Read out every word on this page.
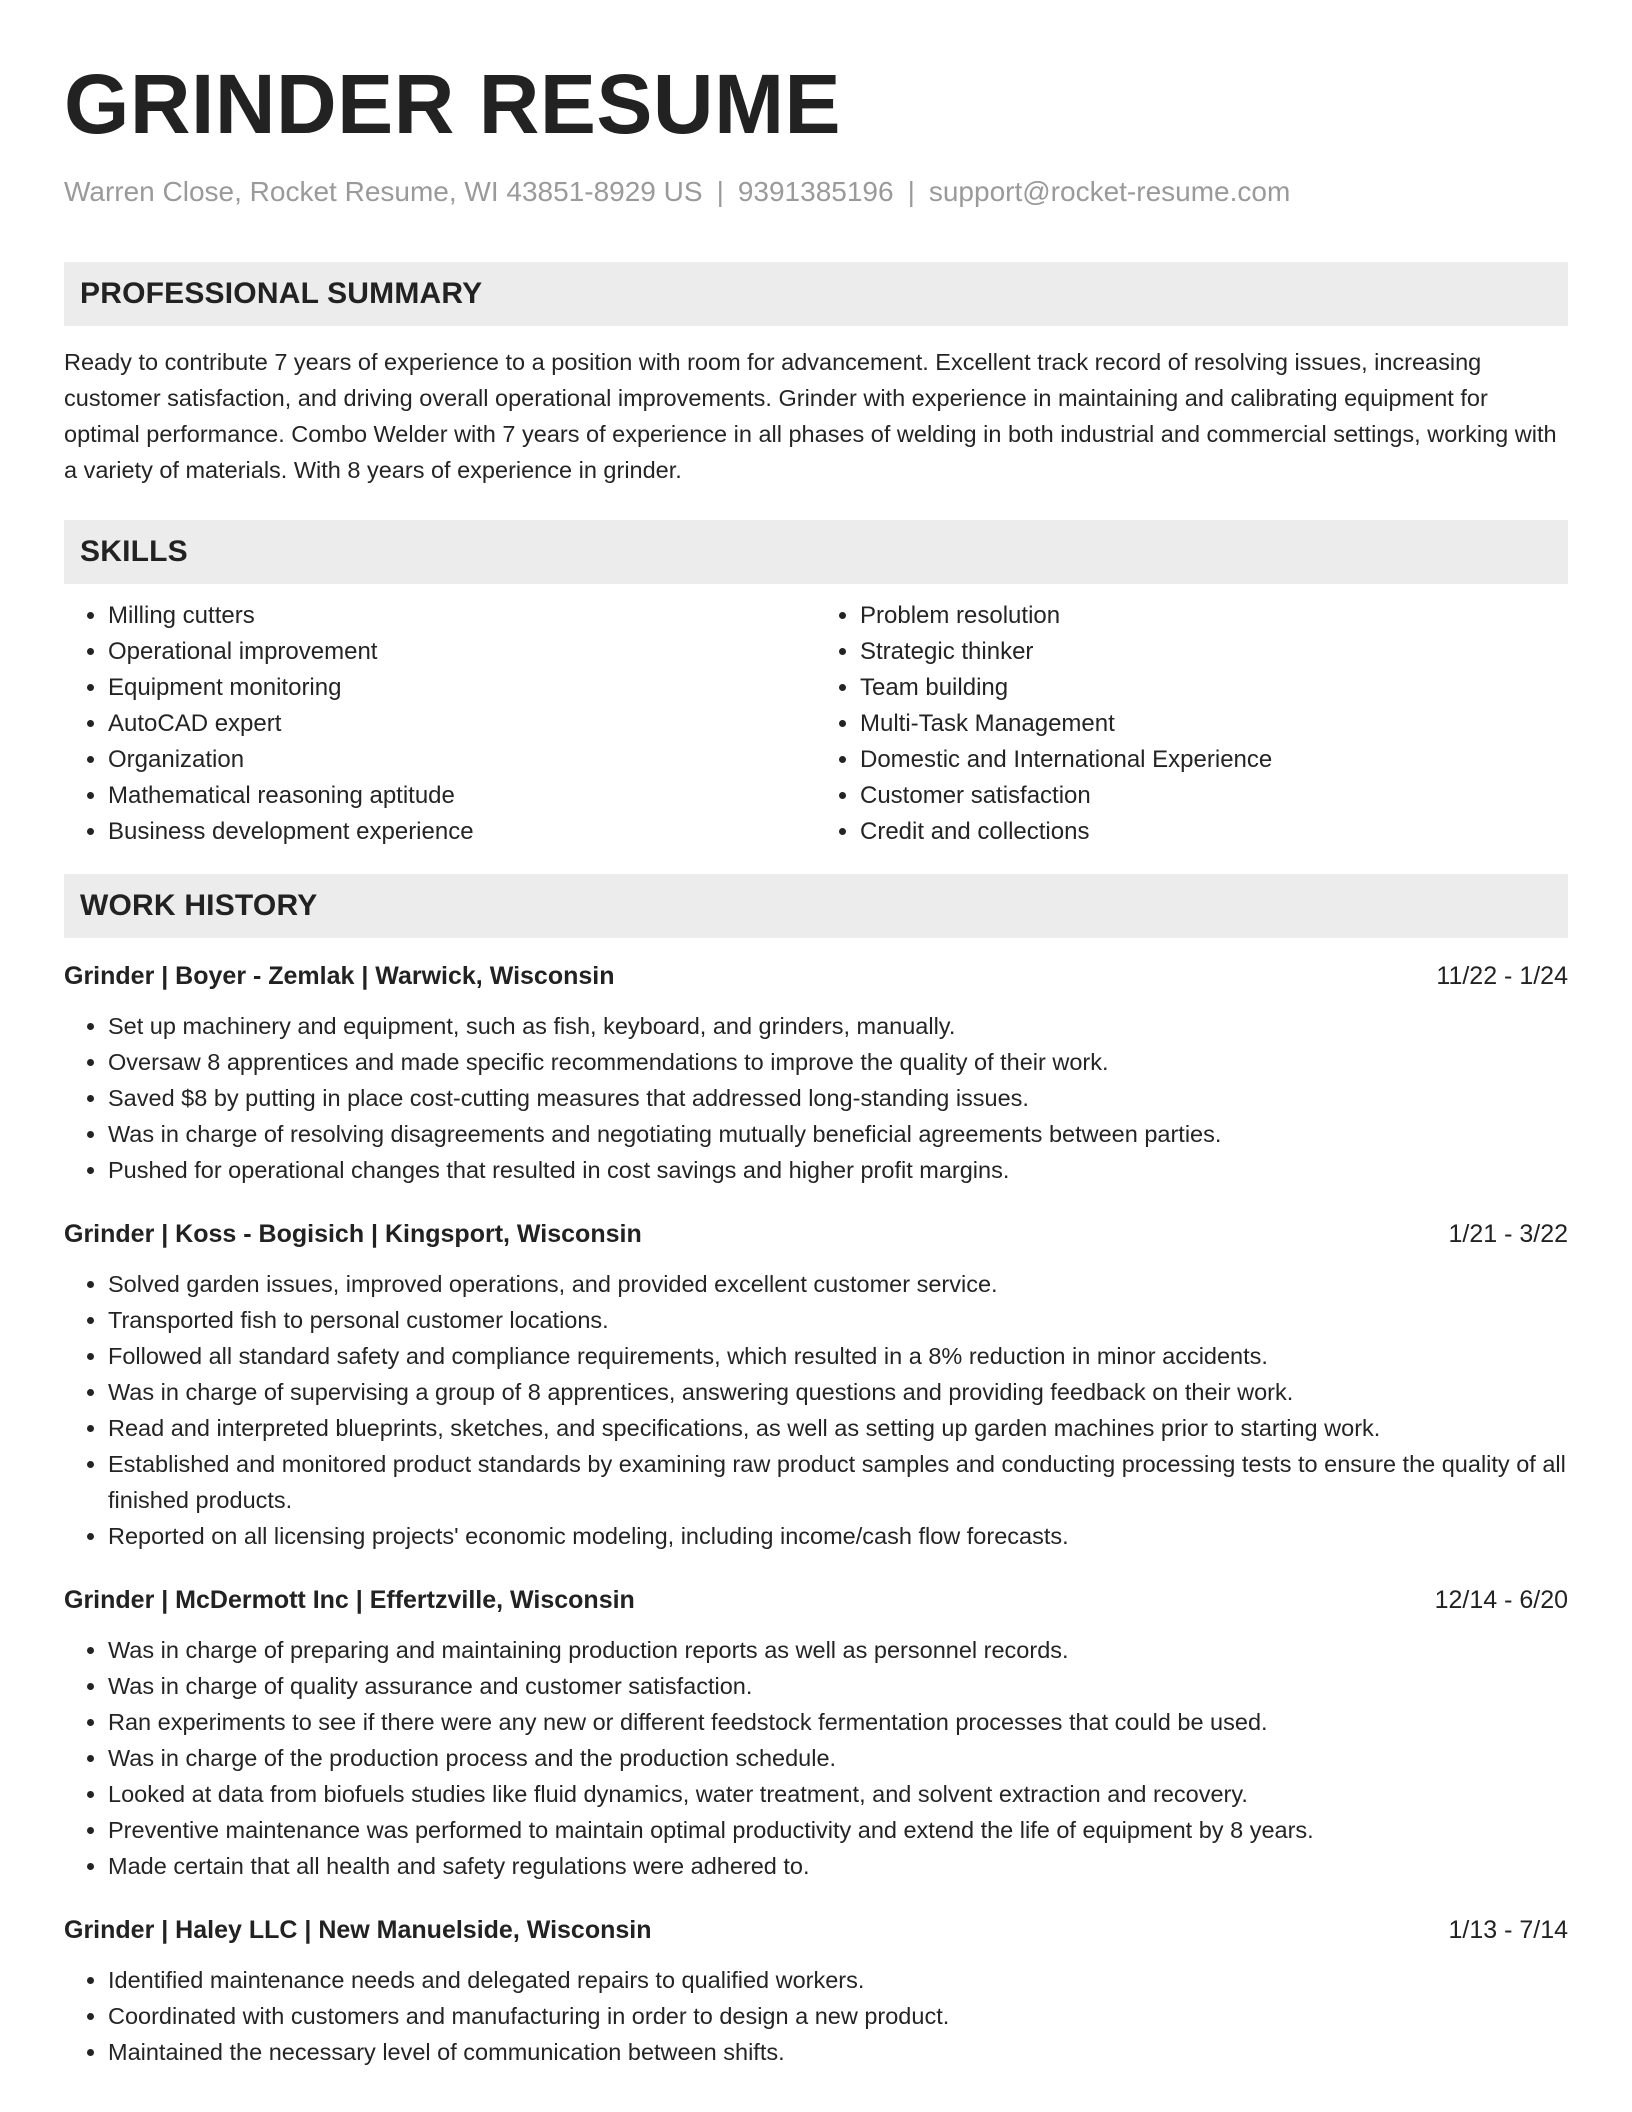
GRINDER RESUME
Warren Close, Rocket Resume, WI 43851-8929 US | 9391385196 | support@rocket-resume.com
PROFESSIONAL SUMMARY

Ready to contribute 7 years of experience to a position with room for advancement. Excellent track record of resolving issues, increasing customer satisfaction, and driving overall operational improvements. Grinder with experience in maintaining and calibrating equipment for optimal performance. Combo Welder with 7 years of experience in all phases of welding in both industrial and commercial settings, working with a variety of materials. With 8 years of experience in grinder.

SKILLS
• Milling cutters
• Operational improvement
• Equipment monitoring
• AutoCAD expert
• Organization
• Mathematical reasoning aptitude
• Business development experience
• Problem resolution
• Strategic thinker
• Team building
• Multi-Task Management
• Domestic and International Experience
• Customer satisfaction
• Credit and collections
WORK HISTORY
Grinder | Boyer - Zemlak | Warwick, Wisconsin	11/22 - 1/24
• Set up machinery and equipment, such as fish, keyboard, and grinders, manually.
• Oversaw 8 apprentices and made specific recommendations to improve the quality of their work.
• Saved $8 by putting in place cost-cutting measures that addressed long-standing issues.
• Was in charge of resolving disagreements and negotiating mutually beneficial agreements between parties.
• Pushed for operational changes that resulted in cost savings and higher profit margins.
Grinder | Koss - Bogisich | Kingsport, Wisconsin	1/21 - 3/22
• Solved garden issues, improved operations, and provided excellent customer service.
• Transported fish to personal customer locations.
• Followed all standard safety and compliance requirements, which resulted in a 8% reduction in minor accidents.
• Was in charge of supervising a group of 8 apprentices, answering questions and providing feedback on their work.
• Read and interpreted blueprints, sketches, and specifications, as well as setting up garden machines prior to starting work.
• Established and monitored product standards by examining raw product samples and conducting processing tests to ensure the quality of all finished products.
• Reported on all licensing projects' economic modeling, including income/cash flow forecasts.
Grinder | McDermott Inc | Effertzville, Wisconsin	12/14 - 6/20
• Was in charge of preparing and maintaining production reports as well as personnel records.
• Was in charge of quality assurance and customer satisfaction.
• Ran experiments to see if there were any new or different feedstock fermentation processes that could be used.
• Was in charge of the production process and the production schedule.
• Looked at data from biofuels studies like fluid dynamics, water treatment, and solvent extraction and recovery.
• Preventive maintenance was performed to maintain optimal productivity and extend the life of equipment by 8 years.
• Made certain that all health and safety regulations were adhered to.
Grinder | Haley LLC | New Manuelside, Wisconsin	1/13 - 7/14
• Identified maintenance needs and delegated repairs to qualified workers.
• Coordinated with customers and manufacturing in order to design a new product.
• Maintained the necessary level of communication between shifts.
